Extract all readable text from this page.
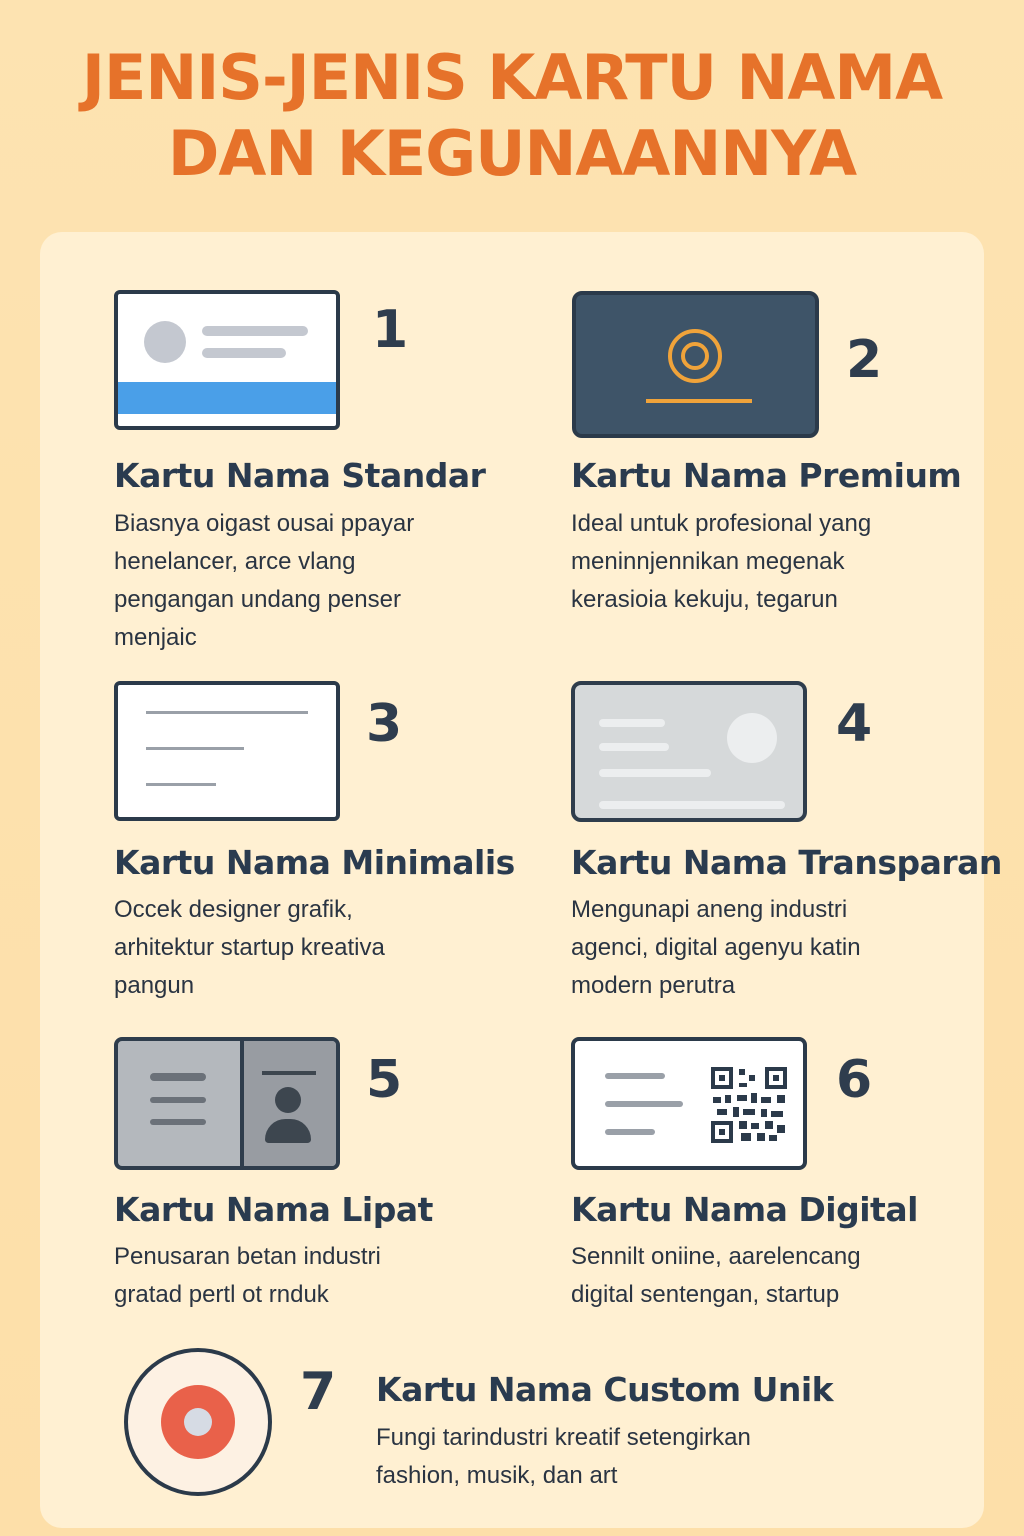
JENIS-JENIS KARTU NAMA
DAN KEGUNAANNYA
1
Kartu Nama Standar
Biasnya oigast ousai ppayar
henelancer, arce vlang
pengangan undang penser
menjaic
2
Kartu Nama Premium
Ideal untuk profesional yang
meninnjennikan megenak
kerasioia kekuju, tegarun
3
Kartu Nama Minimalis
Occek designer grafik,
arhitektur startup kreativa
pangun
4
Kartu Nama Transparan
Mengunapi aneng industri
agenci, digital agenyu katin
modern perutra
5
Kartu Nama Lipat
Penusaran betan industri
gratad pertl ot rnduk
6
Kartu Nama Digital
Sennilt oniine, aarelencang
digital sentengan, startup
7 Kartu Nama Custom Unik
Fungi tarindustri kreatif setengirkan
fashion, musik, dan art
